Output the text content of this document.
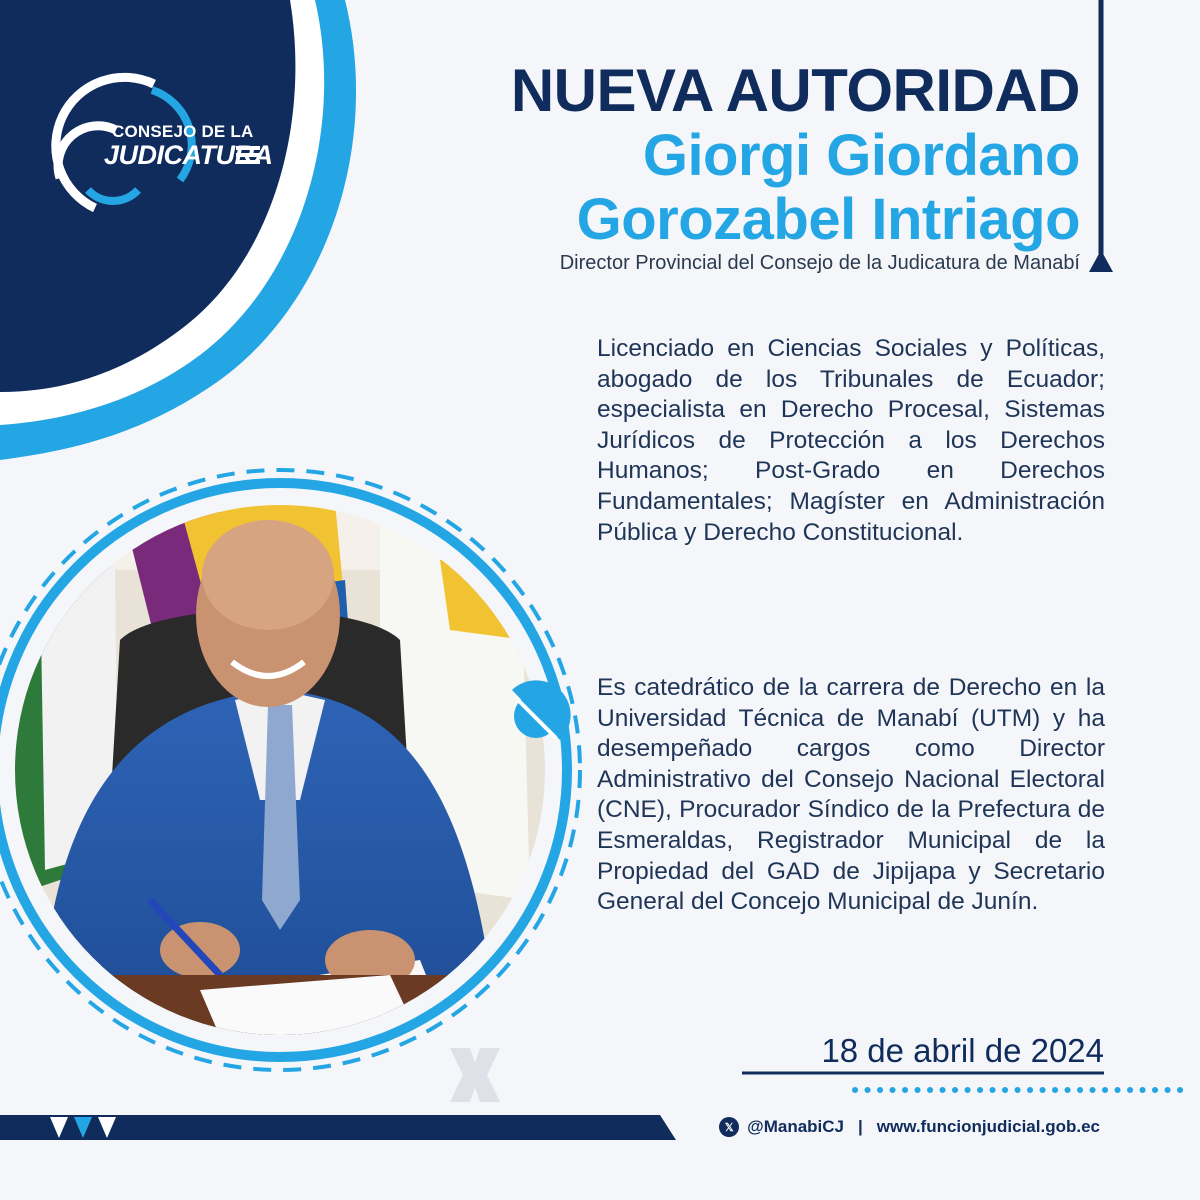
CONSEJO DE LA
JUDICATURA
NUEVA AUTORIDAD
Giorgi Giordano
Gorozabel Intriago
Director Provincial del Consejo de la Judicatura de Manabí

Licenciado en Ciencias Sociales y Políticas, abogado de los Tribunales de Ecuador; especialista en Derecho Procesal, Sistemas Jurídicos de Protección a los Derechos Humanos; Post-Grado en Derechos Fundamentales; Magíster en Administración Pública y Derecho Constitucional.

Es catedrático de la carrera de Derecho en la Universidad Técnica de Manabí (UTM) y ha desempeñado cargos como Director Administrativo del Consejo Nacional Electoral (CNE), Procurador Síndico de la Prefectura de Esmeraldas, Registrador Municipal de la Propiedad del GAD de Jipijapa y Secretario General del Concejo Municipal de Junín.

18 de abril de 2024
𝕏 @ManabiCJ | www.funcionjudicial.gob.ec
